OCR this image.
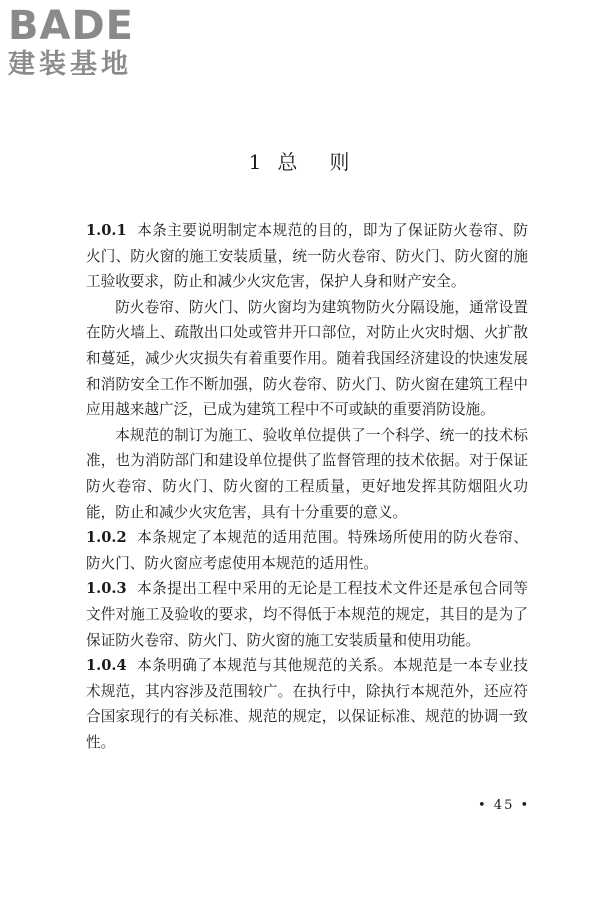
BADE
建装基地
1 总 则

1.0.1 本条主要说明制定本规范的目的，即为了保证防火卷帘、防火门、防火窗的施工安装质量，统一防火卷帘、防火门、防火窗的施工验收要求，防止和减少火灾危害，保护人身和财产安全。

防火卷帘、防火门、防火窗均为建筑物防火分隔设施，通常设置在防火墙上、疏散出口处或管井开口部位，对防止火灾时烟、火扩散和蔓延，减少火灾损失有着重要作用。随着我国经济建设的快速发展和消防安全工作不断加强，防火卷帘、防火门、防火窗在建筑工程中应用越来越广泛，已成为建筑工程中不可或缺的重要消防设施。

本规范的制订为施工、验收单位提供了一个科学、统一的技术标准，也为消防部门和建设单位提供了监督管理的技术依据。对于保证防火卷帘、防火门、防火窗的工程质量，更好地发挥其防烟阻火功能，防止和减少火灾危害，具有十分重要的意义。

1.0.2 本条规定了本规范的适用范围。特殊场所使用的防火卷帘、防火门、防火窗应考虑使用本规范的适用性。

1.0.3 本条提出工程中采用的无论是工程技术文件还是承包合同等文件对施工及验收的要求，均不得低于本规范的规定，其目的是为了保证防火卷帘、防火门、防火窗的施工安装质量和使用功能。

1.0.4 本条明确了本规范与其他规范的关系。本规范是一本专业技术规范，其内容涉及范围较广。在执行中，除执行本规范外，还应符合国家现行的有关标准、规范的规定，以保证标准、规范的协调一致性。

• 45 •
